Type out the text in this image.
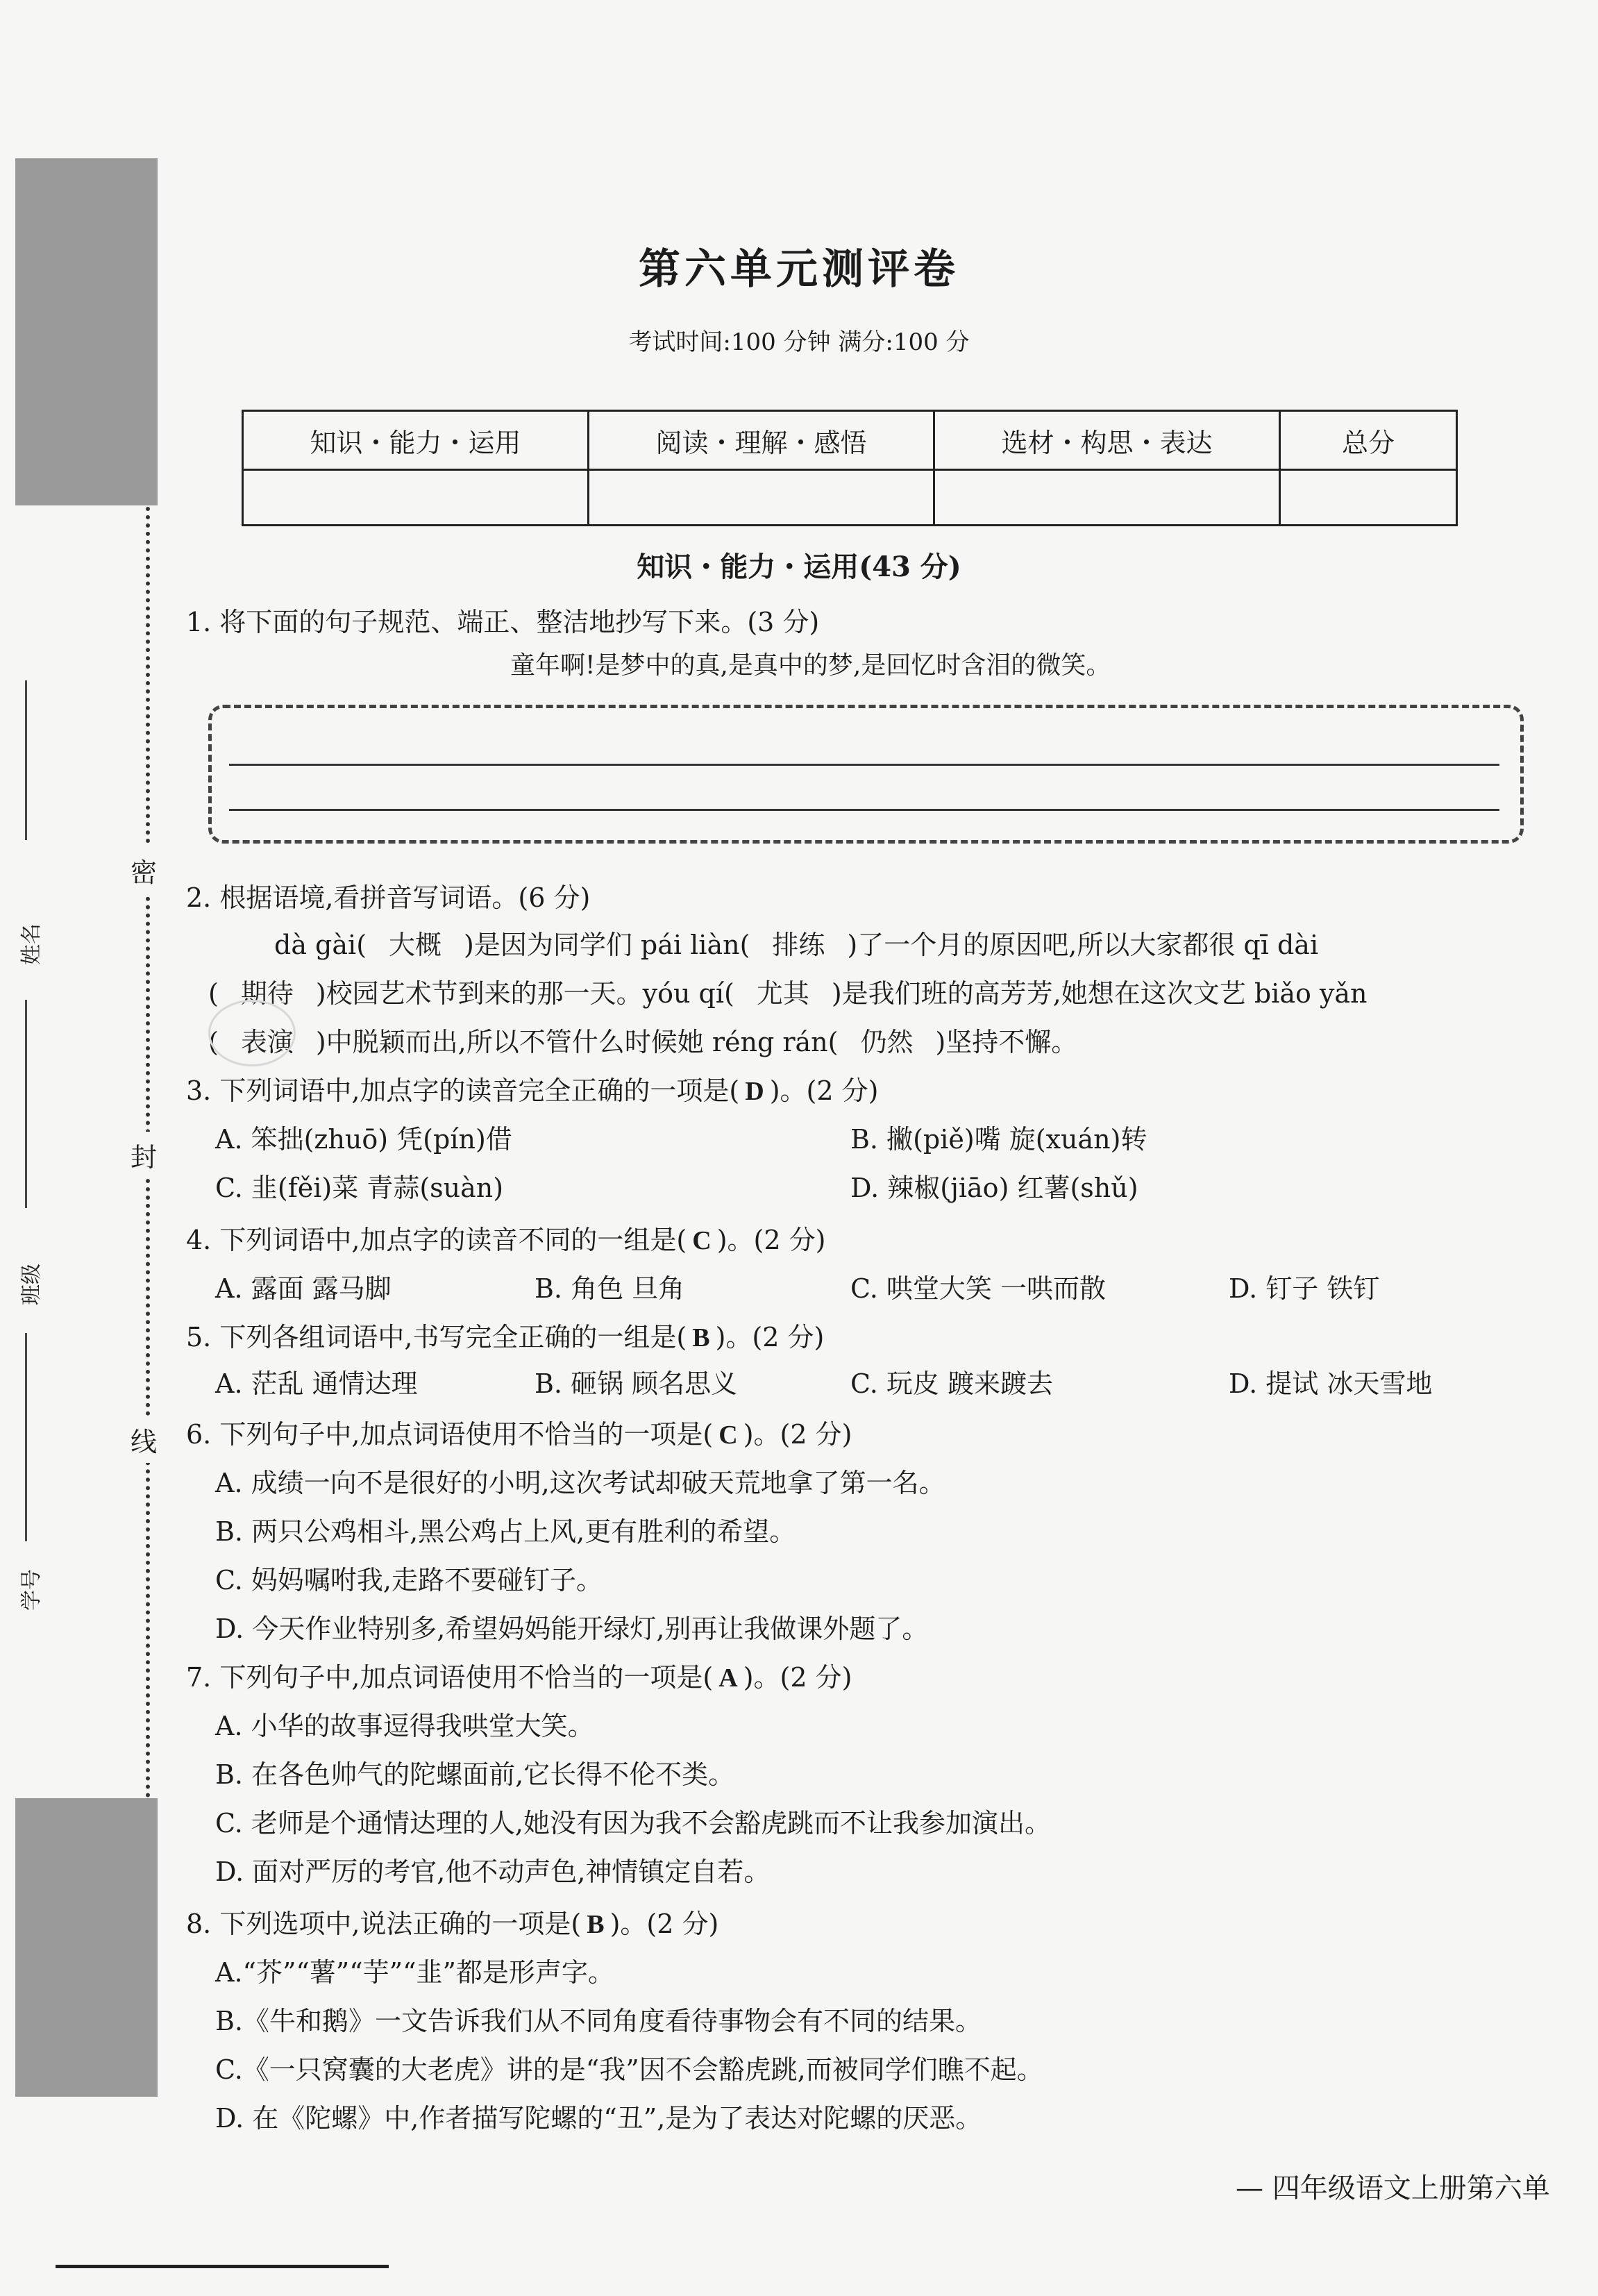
密
封
线
姓名
班级
学号
第六单元测评卷
考试时间:100 分钟 满分:100 分
知识・能力・运用	阅读・理解・感悟	选材・构思・表达	总分

知识・能力・运用(43 分)
1. 将下面的句子规范、端正、整洁地抄写下来。(3 分)
童年啊!是梦中的真,是真中的梦,是回忆时含泪的微笑。
2. 根据语境,看拼音写词语。(6 分)
dà gài( 大概 )是因为同学们 pái liàn( 排练 )了一个月的原因吧,所以大家都很 qī dài
( 期待 )校园艺术节到来的那一天。yóu qí( 尤其 )是我们班的高芳芳,她想在这次文艺 biǎo yǎn
( 表演 )中脱颖而出,所以不管什么时候她 réng rán( 仍然 )坚持不懈。
3. 下列词语中,加点字的读音完全正确的一项是( D )。(2 分)
A. 笨拙(zhuō) 凭(pín)借	B. 撇(piě)嘴 旋(xuán)转
C. 韭(fěi)菜 青蒜(suàn)	D. 辣椒(jiāo) 红薯(shǔ)
4. 下列词语中,加点字的读音不同的一组是( C )。(2 分)
A. 露面 露马脚	B. 角色 旦角	C. 哄堂大笑 一哄而散	D. 钉子 铁钉
5. 下列各组词语中,书写完全正确的一组是( B )。(2 分)
A. 茫乱 通情达理	B. 砸锅 顾名思义	C. 玩皮 踱来踱去	D. 提试 冰天雪地
6. 下列句子中,加点词语使用不恰当的一项是( C )。(2 分)
A. 成绩一向不是很好的小明,这次考试却破天荒地拿了第一名。
B. 两只公鸡相斗,黑公鸡占上风,更有胜利的希望。
C. 妈妈嘱咐我,走路不要碰钉子。
D. 今天作业特别多,希望妈妈能开绿灯,别再让我做课外题了。
7. 下列句子中,加点词语使用不恰当的一项是( A )。(2 分)
A. 小华的故事逗得我哄堂大笑。
B. 在各色帅气的陀螺面前,它长得不伦不类。
C. 老师是个通情达理的人,她没有因为我不会豁虎跳而不让我参加演出。
D. 面对严厉的考官,他不动声色,神情镇定自若。
8. 下列选项中,说法正确的一项是( B )。(2 分)
A.“芥”“薯”“芋”“韭”都是形声字。
B.《牛和鹅》一文告诉我们从不同角度看待事物会有不同的结果。
C.《一只窝囊的大老虎》讲的是“我”因不会豁虎跳,而被同学们瞧不起。
D. 在《陀螺》中,作者描写陀螺的“丑”,是为了表达对陀螺的厌恶。
— 四年级语文上册第六单
